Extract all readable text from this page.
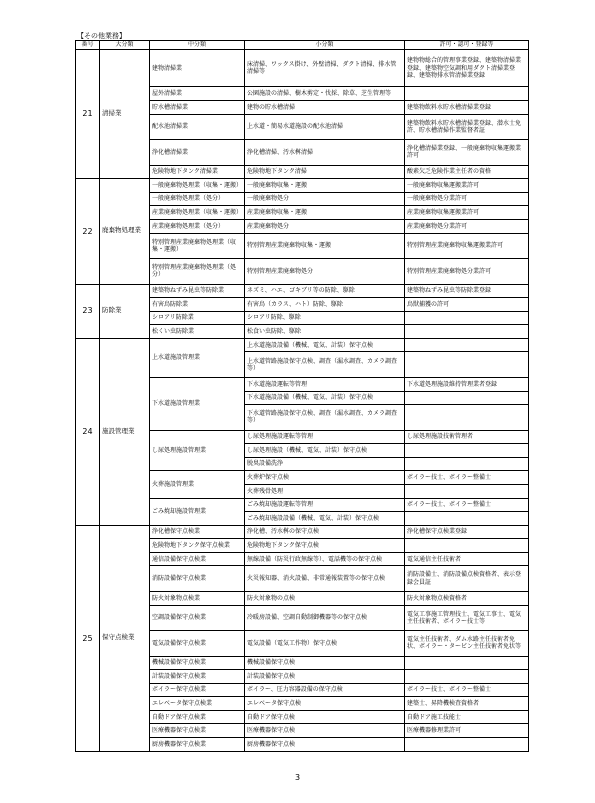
【その他業務】
番号	大分類	中分類	小分類	許可・認可・登録等
21	清掃業	建物清掃業	床清掃、ワックス掛け、外壁清掃、ダクト清掃、排水管清掃等	建物物総合的管理事業登録、建築物清掃業登録、建築物空気調和用ダクト清掃業登録、建築物排水管清掃業登録
		屋外清掃業	公園施設の清掃、樹木剪定・伐採、除草、芝生管理等	
		貯水槽清掃業	建物の貯水槽清掃	建築物飲料水貯水槽清掃業登録
		配水池清掃業	上水道・簡易水道施設の配水池清掃	建築物飲料水貯水槽清掃業登録、潜水士免許、貯水槽清掃作業監督者証
		浄化槽清掃業	浄化槽清掃、汚水桝清掃	浄化槽清掃業登録、一般廃棄物収集運搬業許可
		危険物地下タンク清掃業	危険物地下タンク清掃	酸素欠乏危険作業主任者の資格
22	廃棄物処理業	一般廃棄物処理業（収集・運搬）	一般廃棄物収集・運搬	一般廃棄物収集運搬業許可
		一般廃棄物処理業（処分）	一般廃棄物処分	一般廃棄物処分業許可
		産業廃棄物処理業（収集・運搬）	産業廃棄物収集・運搬	産業廃棄物収集運搬業許可
		産業廃棄物処理業（処分）	産業廃棄物処分	産業廃棄物処分業許可
		特別管理産業廃棄物処理業（収集・運搬）	特別管理産業廃棄物収集・運搬	特別管理産業廃棄物収集運搬業許可
		特別管理産業廃棄物処理業（処分）	特別管理産業廃棄物処分	特別管理産業廃棄物処分業許可
23	防除業	建築物ねずみ昆虫等防除業	ネズミ、ハエ、ゴキブリ等の防除、駆除	建築物ねずみ昆虫等防除業登録
		有害鳥防除業	有害鳥（カラス、ハト）防除、駆除	鳥獣捕獲の許可
		シロアリ防除業	シロアリ防除、駆除	
		松くい虫防除業	松食い虫防除、駆除	
24	施設管理業	上水道施設管理業	上水道施設設備（機械、電気、計装）保守点検	
			上水道管路施設保守点検、調査（漏水調査、カメラ調査等）	
		下水道施設管理業	下水道施設運転等管理	下水道処理施設維持管理業者登録
			下水道施設設備（機械、電気、計装）保守点検	
			下水道管路施設保守点検、調査（漏水調査、カメラ調査等）	
		し尿処理施設管理業	し尿処理施設運転等管理	し尿処理施設技術管理者
			し尿処理施設（機械、電気、計装）保守点検	
			脱臭設備洗浄	
		火葬施設管理業	火葬炉保守点検	ボイラー技士、ボイラー整備士
			火葬残骨処理	
		ごみ焼却施設管理業	ごみ焼却施設運転等管理	ボイラー技士、ボイラー整備士
			ごみ焼却施設設備（機械、電気、計装）保守点検	
25	保守点検業	浄化槽保守点検業	浄化槽、汚水桝の保守点検	浄化槽保守点検業登録
		危険物地下タンク保守点検業	危険物地下タンク保守点検	
		通信設備保守点検業	無線設備（防災行政無線等）、電話機等の保守点検	電気通信主任技術者
		消防設備保守点検業	火災報知器、消火設備、非常通報装置等の保守点検	消防設備士、消防設備点検資格者、表示登録会員証
		防火対象物点検業	防火対象物の点検	防火対象物点検資格者
		空調設備保守点検業	冷暖房設備、空調自動制御機器等の保守点検	電気工事施工管理技士、電気工事士、電気主任技術者、ボイラー技士等
		電気設備保守点検業	電気設備（電気工作物）保守点検	電気主任技術者、ダム水路主任技術者免状、ボイラー・タービン主任技術者免状等
		機械設備保守点検業	機械設備保守点検	
		計装設備保守点検業	計装設備保守点検	
		ボイラー保守点検業	ボイラー、圧力容器設備の保守点検	ボイラー技士、ボイラー整備士
		エレベータ保守点検業	エレベータ保守点検	建築士、昇降機検査資格者
		自動ドア保守点検業	自動ドア保守点検	自動ドア施工技能士
		医療機器保守点検業	医療機器保守点検	医療機器修理業許可
		厨房機器保守点検業	厨房機器保守点検	
3
